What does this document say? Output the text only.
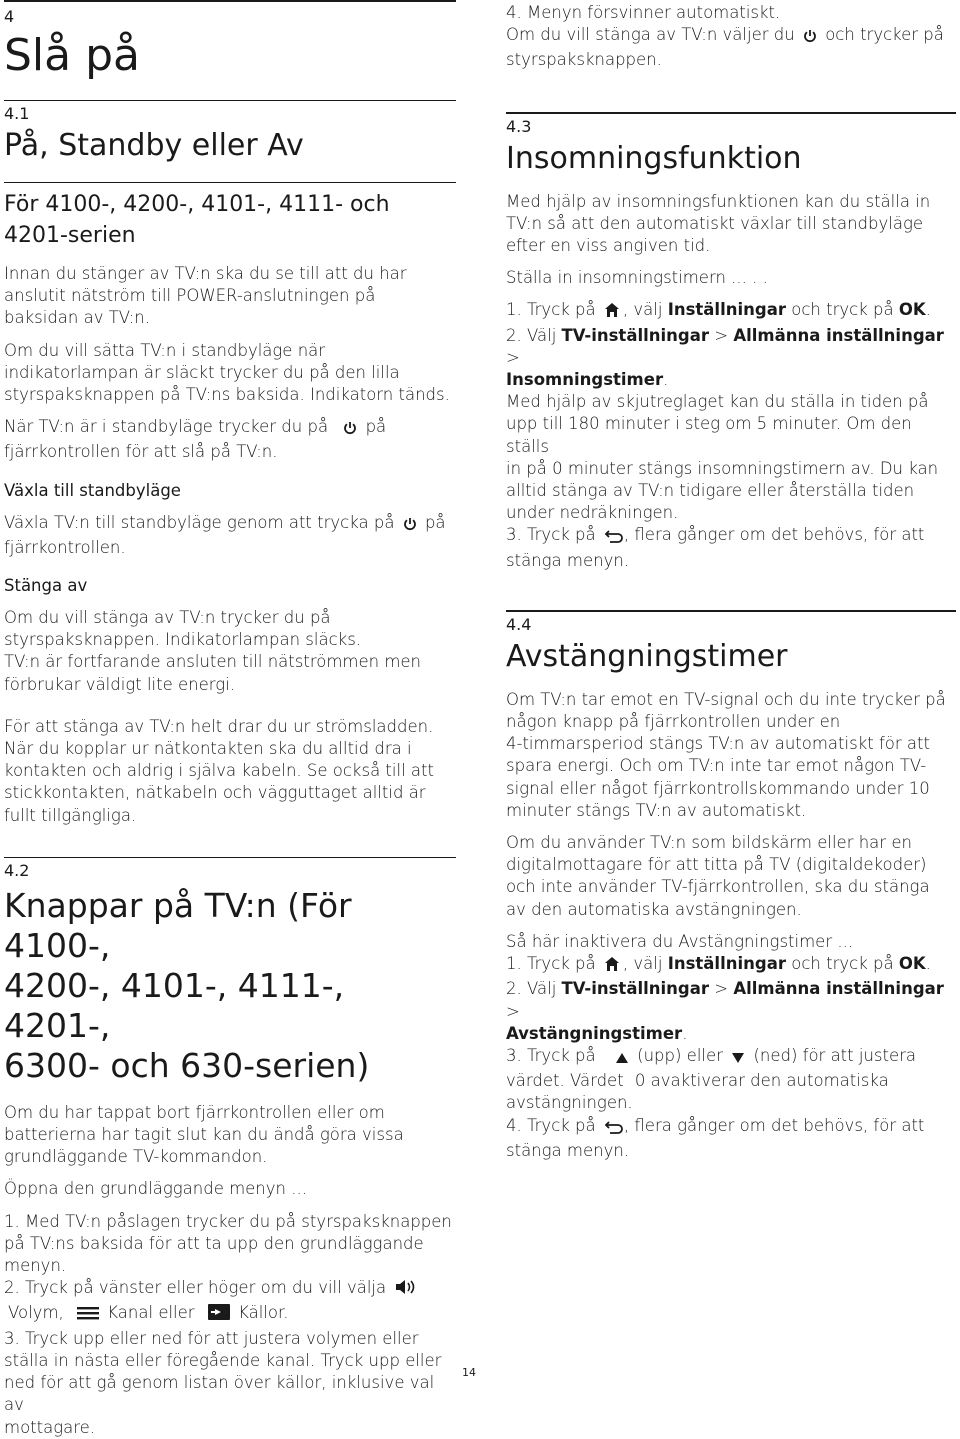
4
Slå på
4.1
På, Standby eller Av
För 4100-, 4200-, 4101-, 4111- och
4201-serien

Innan du stänger av TV:n ska du se till att du har

anslutit nätström till POWER-anslutningen på

baksidan av TV:n.

Om du vill sätta TV:n i standbyläge när

indikatorlampan är släckt trycker du på den lilla

styrspaksknappen på TV:ns baksida. Indikatorn tänds.

När TV:n är i standbyläge trycker du på på

fjärrkontrollen för att slå på TV:n.

Växla till standbyläge

Växla TV:n till standbyläge genom att trycka på på

fjärrkontrollen.

Stänga av

Om du vill stänga av TV:n trycker du på

styrspaksknappen. Indikatorlampan släcks.

TV:n är fortfarande ansluten till nätströmmen men

förbrukar väldigt lite energi.

För att stänga av TV:n helt drar du ur strömsladden.

När du kopplar ur nätkontakten ska du alltid dra i

kontakten och aldrig i själva kabeln. Se också till att

stickkontakten, nätkabeln och vägguttaget alltid är

fullt tillgängliga.

4.2
Knappar på TV:n (För 4100-,
4200-, 4101-, 4111-, 4201-,
6300- och 630-serien)

Om du har tappat bort fjärrkontrollen eller om

batterierna har tagit slut kan du ändå göra vissa

grundläggande TV-kommandon.

Öppna den grundläggande menyn ...

1. Med TV:n påslagen trycker du på styrspaksknappen

på TV:ns baksida för att ta upp den grundläggande

menyn.

2. Tryck på vänster eller höger om du vill välja

Volym,	Kanal eller	Källor.

3. Tryck upp eller ned för att justera volymen eller

ställa in nästa eller föregående kanal. Tryck upp eller

ned för att gå genom listan över källor, inklusive val av

mottagare.

4. Menyn försvinner automatiskt.

Om du vill stänga av TV:n väljer du och trycker på

styrspaksknappen.

4.3
Insomningsfunktion

Med hjälp av insomningsfunktionen kan du ställa in

TV:n så att den automatiskt växlar till standbyläge

efter en viss angiven tid.

Ställa in insomningstimern ... . .

1. Tryck på , välj Inställningar och tryck på OK.

2. Välj TV-inställningar > Allmänna inställningar >

Insomningstimer.

Med hjälp av skjutreglaget kan du ställa in tiden på

upp till 180 minuter i steg om 5 minuter. Om den ställs

in på 0 minuter stängs insomningstimern av. Du kan

alltid stänga av TV:n tidigare eller återställa tiden

under nedräkningen.

3. Tryck på , flera gånger om det behövs, för att

stänga menyn.

4.4
Avstängningstimer

Om TV:n tar emot en TV-signal och du inte trycker på

någon knapp på fjärrkontrollen under en

4-timmarsperiod stängs TV:n av automatiskt för att

spara energi. Och om TV:n inte tar emot någon TV-

signal eller något fjärrkontrollskommando under 10

minuter stängs TV:n av automatiskt.

Om du använder TV:n som bildskärm eller har en

digitalmottagare för att titta på TV (digitaldekoder)

och inte använder TV-fjärrkontrollen, ska du stänga

av den automatiska avstängningen.

Så här inaktivera du Avstängningstimer ...

1. Tryck på , välj Inställningar och tryck på OK.

2. Välj TV-inställningar > Allmänna inställningar >

Avstängningstimer.

3. Tryck på	(upp) eller (ned) för att justera

värdet. Värdet 0 avaktiverar den automatiska

avstängningen.

4. Tryck på , flera gånger om det behövs, för att

stänga menyn.

14
